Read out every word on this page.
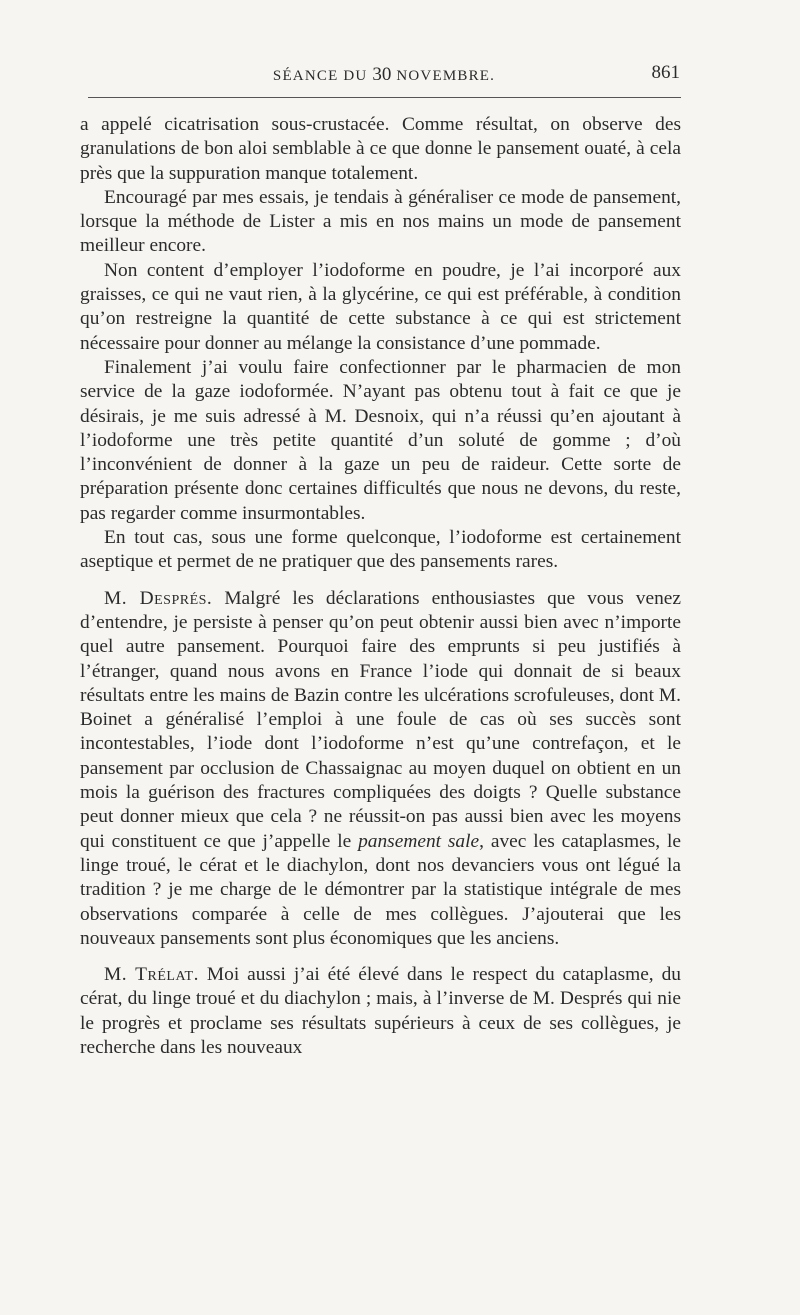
SÉANCE DU 30 NOVEMBRE.	861

a appelé cicatrisation sous-crustacée. Comme résultat, on observe des granulations de bon aloi semblable à ce que donne le pansement ouaté, à cela près que la suppuration manque totalement.

Encouragé par mes essais, je tendais à généraliser ce mode de pansement, lorsque la méthode de Lister a mis en nos mains un mode de pansement meilleur encore.

Non content d’employer l’iodoforme en poudre, je l’ai incorporé aux graisses, ce qui ne vaut rien, à la glycérine, ce qui est préférable, à condition qu’on restreigne la quantité de cette substance à ce qui est strictement nécessaire pour donner au mélange la consistance d’une pommade.

Finalement j’ai voulu faire confectionner par le pharmacien de mon service de la gaze iodoformée. N’ayant pas obtenu tout à fait ce que je désirais, je me suis adressé à M. Desnoix, qui n’a réussi qu’en ajoutant à l’iodoforme une très petite quantité d’un soluté de gomme ; d’où l’inconvénient de donner à la gaze un peu de raideur. Cette sorte de préparation présente donc certaines difficultés que nous ne devons, du reste, pas regarder comme insurmontables.

En tout cas, sous une forme quelconque, l’iodoforme est certainement aseptique et permet de ne pratiquer que des pansements rares.

M. Després. Malgré les déclarations enthousiastes que vous venez d’entendre, je persiste à penser qu’on peut obtenir aussi bien avec n’importe quel autre pansement. Pourquoi faire des emprunts si peu justifiés à l’étranger, quand nous avons en France l’iode qui donnait de si beaux résultats entre les mains de Bazin contre les ulcérations scrofuleuses, dont M. Boinet a généralisé l’emploi à une foule de cas où ses succès sont incontestables, l’iode dont l’iodoforme n’est qu’une contrefaçon, et le pansement par occlusion de Chassaignac au moyen duquel on obtient en un mois la guérison des fractures compliquées des doigts ? Quelle substance peut donner mieux que cela ? ne réussit-on pas aussi bien avec les moyens qui constituent ce que j’appelle le pansement sale, avec les cataplasmes, le linge troué, le cérat et le diachylon, dont nos devanciers vous ont légué la tradition ? je me charge de le démontrer par la statistique intégrale de mes observations comparée à celle de mes collègues. J’ajouterai que les nouveaux pansements sont plus économiques que les anciens.

M. Trélat. Moi aussi j’ai été élevé dans le respect du cataplasme, du cérat, du linge troué et du diachylon ; mais, à l’inverse de M. Després qui nie le progrès et proclame ses résultats supérieurs à ceux de ses collègues, je recherche dans les nouveaux
